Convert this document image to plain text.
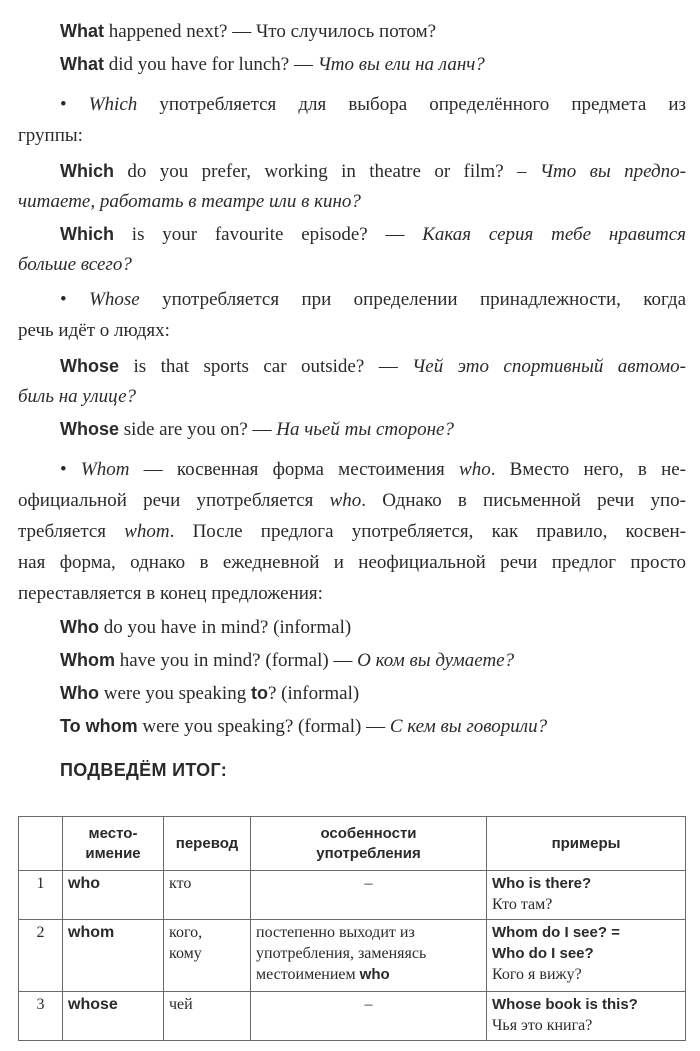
What happened next? — Что случилось потом?
What did you have for lunch? — Что вы ели на ланч?
• Which употребляется для выбора определённого предмета из
группы:
Which do you prefer, working in theatre or film? – Что вы предпо-
читаете, работать в театре или в кино?
Which is your favourite episode? — Какая серия тебе нравится
больше всего?
• Whose употребляется при определении принадлежности, когда
речь идёт о людях:
Whose is that sports car outside? — Чей это спортивный автомо-
биль на улице?
Whose side are you on? — На чьей ты стороне?
• Whom — косвенная форма местоимения who. Вместо него, в не-
официальной речи употребляется who. Однако в письменной речи упо-
требляется whom. После предлога употребляется, как правило, косвен-
ная форма, однако в ежедневной и неофициальной речи предлог просто
переставляется в конец предложения:
Who do you have in mind? (informal)
Whom have you in mind? (formal) — О ком вы думаете?
Who were you speaking to? (informal)
To whom were you speaking? (formal) — С кем вы говорили?
ПОДВЕДЁМ ИТОГ:
	место-
имение	перевод	особенности
употребления	примеры
1	who	кто	–	Who is there?
Кто там?

2	whom	кого,
кому	постепенно выходит из употребления, заменяясь местоимением who	Whom do I see? =
Who do I see?
Кого я вижу?

3	whose	чей	–	Whose book is this?
Чья это книга?
